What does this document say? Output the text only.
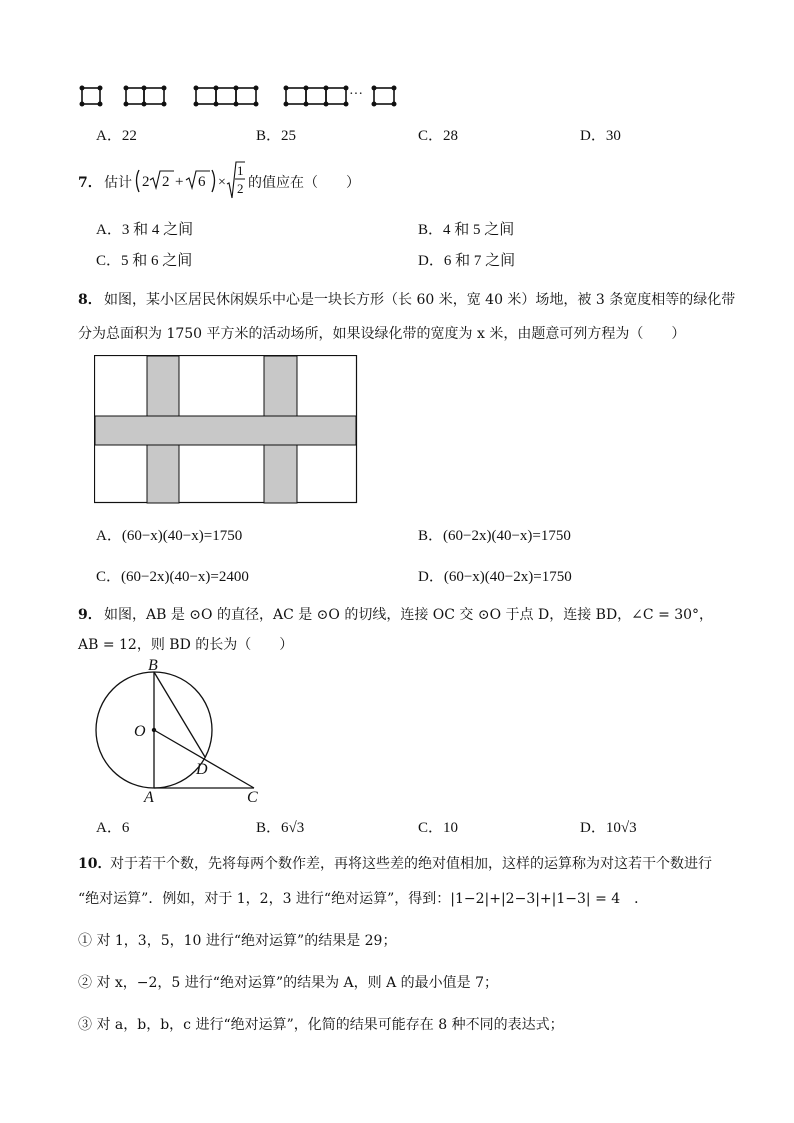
···
A．22	B．25	C．28	D．30
7． 估计 2 2 + 6 ×
1
2 的值应在（　　）
A．3 和 4 之间	B．4 和 5 之间
C．5 和 6 之间	D．6 和 7 之间
8． 如图，某小区居民休闲娱乐中心是一块长方形（长 60 米，宽 40 米）场地，被 3 条宽度相等的绿化带
分为总面积为 1750 平方米的活动场所，如果设绿化带的宽度为 x 米，由题意可列方程为（　　）
A．(60−x)(40−x)=1750	B．(60−2x)(40−x)=1750
C．(60−2x)(40−x)=2400	D．(60−x)(40−2x)=1750
9． 如图，AB 是 ⊙O 的直径，AC 是 ⊙O 的切线，连接 OC 交 ⊙O 于点 D，连接 BD，∠C = 30°，
AB = 12，则 BD 的长为（　　）
B
O
D
A	C
A．6	B．6√3	C．10	D．10√3
10．
对于若干个数，先将每两个数作差，再将这些差的绝对值相加，这样的运算称为对这若干个数进行
“绝对运算”．例如，对于 1，2，3 进行“绝对运算”，得到：|1−2|+|2−3|+|1−3| = 4　．
① 对 1，3，5，10 进行“绝对运算”的结果是 29；
② 对 x，−2，5 进行“绝对运算”的结果为 A，则 A 的最小值是 7；
③ 对 a，b，b，c 进行“绝对运算”，化简的结果可能存在 8 种不同的表达式；
